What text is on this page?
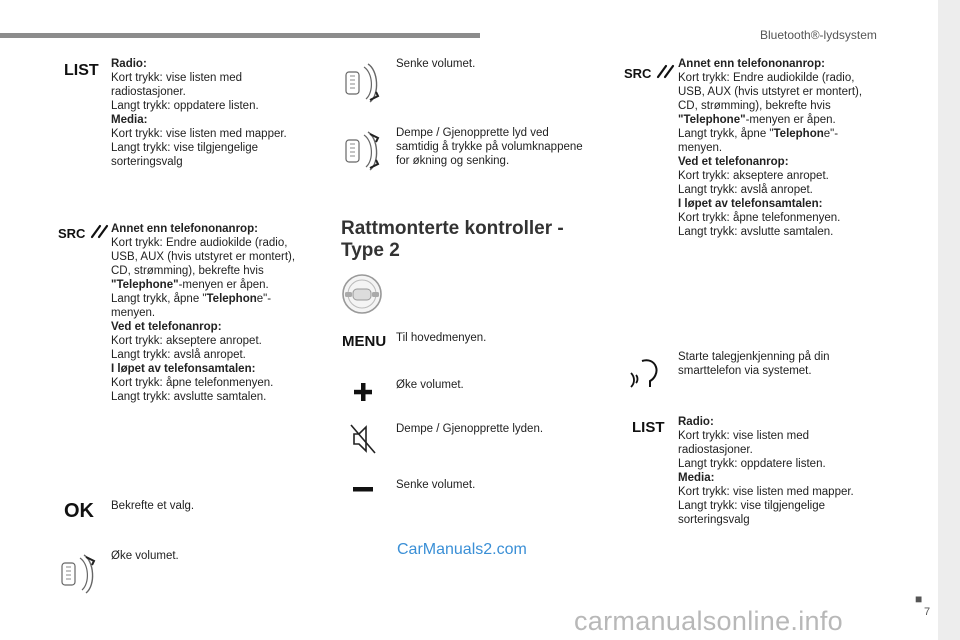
Bluetooth®-lydsystem
■
7
LIST Radio:
Kort trykk: vise listen med
radiostasjoner.
Langt trykk: oppdatere listen.
Media:
Kort trykk: vise listen med mapper.
Langt trykk: vise tilgjengelige
sorteringsvalg
SRC Annet enn telefononanrop:
Kort trykk: Endre audiokilde (radio,
USB, AUX (hvis utstyret er montert),
CD, strømming), bekrefte hvis
"Telephone"-menyen er åpen.
Langt trykk, åpne "Telephone"-
menyen.
Ved et telefonanrop:
Kort trykk: akseptere anropet.
Langt trykk: avslå anropet.
I løpet av telefonsamtalen:
Kort trykk: åpne telefonmenyen.
Langt trykk: avslutte samtalen.
OK Bekrefte et valg.
Øke volumet.
Senke volumet.
Dempe / Gjenopprette lyd ved
samtidig å trykke på volumknappene
for økning og senking.
Rattmonterte kontroller -
Type 2
MENU Til hovedmenyen.
Øke volumet.
Dempe / Gjenopprette lyden.
Senke volumet.
SRC
Annet enn telefononanrop:
Kort trykk: Endre audiokilde (radio,
USB, AUX (hvis utstyret er montert),
CD, strømming), bekrefte hvis
"Telephone"-menyen er åpen.
Langt trykk, åpne "Telephone"-
menyen.
Ved et telefonanrop:
Kort trykk: akseptere anropet.
Langt trykk: avslå anropet.
I løpet av telefonsamtalen:
Kort trykk: åpne telefonmenyen.
Langt trykk: avslutte samtalen.
Starte talegjenkjenning på din
smarttelefon via systemet.
LIST Radio:
Kort trykk: vise listen med
radiostasjoner.
Langt trykk: oppdatere listen.
Media:
Kort trykk: vise listen med mapper.
Langt trykk: vise tilgjengelige
sorteringsvalg
CarManuals2.com
carmanualsonline.info
